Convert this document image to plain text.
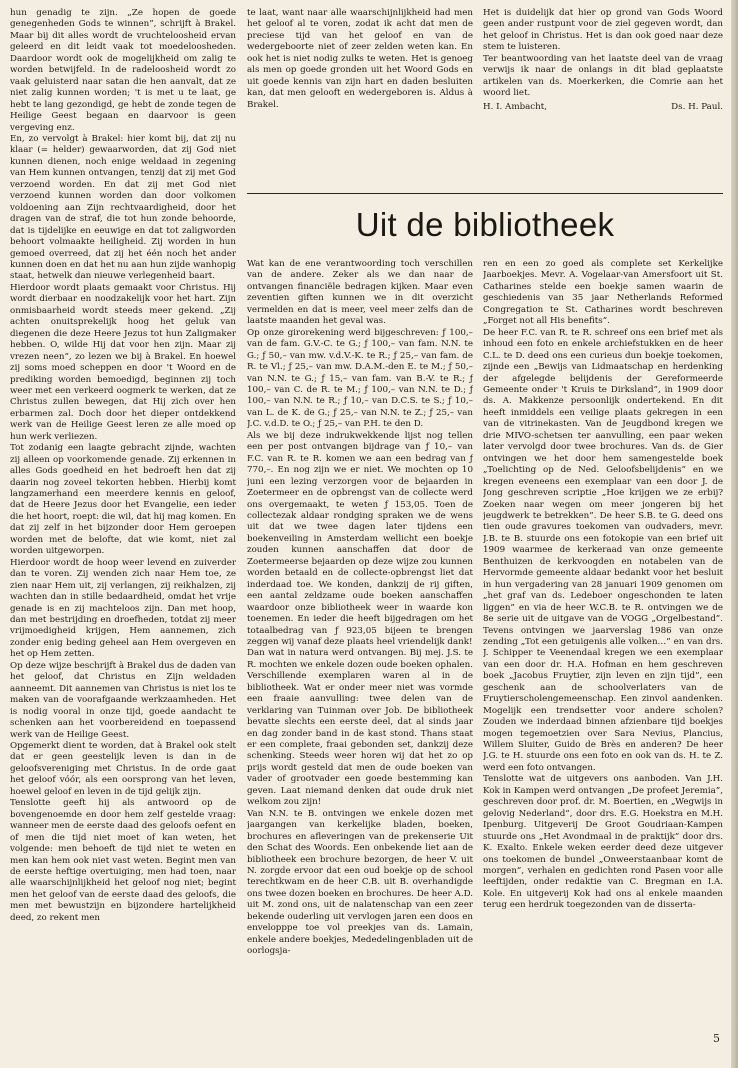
hun genadig te zijn. „Ze hopen de goede genegenheden Gods te winnen”, schrijft à Brakel. Maar bij dit alles wordt de vruchteloosheid ervan geleerd en dit leidt vaak tot moedeloosheden. Daardoor wordt ook de mogelijkheid om zalig te worden betwijfeld. In de radeloosheid wordt zo vaak geluisterd naar satan die hen aanvalt, dat ze niet zalig kunnen worden; 't is met u te laat, ge hebt te lang gezondigd, ge hebt de zonde tegen de Heilige Geest begaan en daarvoor is geen vergeving enz.

En, zo vervolgt à Brakel: hier komt bij, dat zij nu klaar (= helder) gewaarworden, dat zij God niet kunnen dienen, noch enige weldaad in zegening van Hem kunnen ontvangen, tenzij dat zij met God verzoend worden. En dat zij met God niet verzoend kunnen worden dan door volkomen voldoening aan Zijn rechtvaardigheid, door het dragen van de straf, die tot hun zonde behoorde, dat is tijdelijke en eeuwige en dat tot zaligworden behoort volmaakte heiligheid. Zij worden in hun gemoed overreed, dat zij het één noch het ander kunnen doen en dat het nu aan hun zijde wanhopig staat, hetwelk dan nieuwe verlegenheid baart.

Hierdoor wordt plaats gemaakt voor Christus. Hij wordt dierbaar en noodzakelijk voor het hart. Zijn onmisbaarheid wordt steeds meer gekend. „Zij achten onuitsprekelijk hoog het geluk van diegenen die deze Heere Jezus tot hun Zaligmaker hebben. O, wilde Hij dat voor hen zijn. Maar zij vrezen neen”, zo lezen we bij à Brakel. En hoewel zij soms moed scheppen en door 't Woord en de prediking worden bemoedigd, beginnen zij toch weer met een verkeerd oogmerk te werken, dat ze Christus zullen bewegen, dat Hij zich over hen erbarmen zal. Doch door het dieper ontdekkend werk van de Heilige Geest leren ze alle moed op hun werk verliezen.

Tot zodanig een laagte gebracht zijnde, wachten zij alleen op voorkomende genade. Zij erkennen in alles Gods goedheid en het bedroeft hen dat zij daarin nog zoveel tekorten hebben. Hierbij komt langzamerhand een meerdere kennis en geloof, dat de Heere Jezus door het Evangelie, een ieder die het hoort, roept: die wil, dat hij mag komen. En dat zij zelf in het bijzonder door Hem geroepen worden met de belofte, dat wie komt, niet zal worden uitgeworpen.

Hierdoor wordt de hoop weer levend en zuiverder dan te voren. Zij wenden zich naar Hem toe, ze zien naar Hem uit, zij verlangen, zij reikhalzen, zij wachten dan in stille bedaardheid, omdat het vrije genade is en zij machteloos zijn. Dan met hoop, dan met bestrijding en droefheden, totdat zij meer vrijmoedigheid krijgen, Hem aannemen, zich zonder enig beding geheel aan Hem overgeven en het op Hem zetten.

Op deze wijze beschrijft à Brakel dus de daden van het geloof, dat Christus en Zijn weldaden aanneemt. Dit aannemen van Christus is niet los te maken van de voorafgaande werkzaamheden. Het is nodig vooral in onze tijd, goede aandacht te schenken aan het voorbereidend en toepassend werk van de Heilige Geest.

Opgemerkt dient te worden, dat à Brakel ook stelt dat er geen geestelijk leven is dan in de geloofsvereniging met Christus. In de orde gaat het geloof vóór, als een oorsprong van het leven, hoewel geloof en leven in de tijd gelijk zijn.

Tenslotte geeft hij als antwoord op de bovengenoemde en door hem zelf gestelde vraag: wanneer men de eerste daad des geloofs oefent en of men die tijd niet moet of kan weten, het volgende: men behoeft de tijd niet te weten en men kan hem ook niet vast weten. Begint men van de eerste heftige overtuiging, men had toen, naar alle waarschijnlijkheid het geloof nog niet; begint men het geloof van de eerste daad des geloofs, die men met bewustzijn en bijzondere hartelijkheid deed, zo rekent men

te laat, want naar alle waarschijnlijkheid had men het geloof al te voren, zodat ik acht dat men de preciese tijd van het geloof en van de wedergeboorte niet of zeer zelden weten kan. En ook het is niet nodig zulks te weten. Het is genoeg als men op goede gronden uit het Woord Gods en uit goede kennis van zijn hart en daden besluiten kan, dat men gelooft en wedergeboren is. Aldus à Brakel.

Het is duidelijk dat hier op grond van Gods Woord geen ander rustpunt voor de ziel gegeven wordt, dan het geloof in Christus. Het is dan ook goed naar deze stem te luisteren.

Ter beantwoording van het laatste deel van de vraag verwijs ik naar de onlangs in dit blad geplaatste artikelen van ds. Moerkerken, die Comrie aan het woord liet.

H. I. Ambacht,	Ds. H. Paul.
Uit de bibliotheek

Wat kan de ene verantwoording toch verschillen van de andere. Zeker als we dan naar de ontvangen financiële bedragen kijken. Maar even zeventien giften kunnen we in dit overzicht vermelden en dat is meer, veel meer zelfs dan de laatste maanden het geval was.

Op onze girorekening werd bijgeschreven: ƒ 100,– van de fam. G.V.-C. te G.; ƒ 100,– van fam. N.N. te G.; ƒ 50,– van mw. v.d.V.-K. te R.; ƒ 25,– van fam. de R. te Vl.; ƒ 25,– van mw. D.A.M.-den E. te M.; ƒ 50,– van N.N. te G.; ƒ 15,– van fam. van B.-V. te R.; ƒ 100,– van C. de R. te M.; ƒ 100,– van N.N. te D.; ƒ 100,– van N.N. te R.; ƒ 10,– van D.C.S. te S.; ƒ 10,– van L. de K. de G.; ƒ 25,– van N.N. te Z.; ƒ 25,– van J.C. v.d.D. te O.; ƒ 25,– van P.H. te den D.

Als we bij deze indrukwekkende lijst nog tellen een per post ontvangen bijdrage van ƒ 10,– van F.C. van R. te R. komen we aan een bedrag van ƒ 770,–. En nog zijn we er niet. We mochten op 10 juni een lezing verzorgen voor de bejaarden in Zoetermeer en de opbrengst van de collecte werd ons overgemaakt, te weten ƒ 153,05. Toen de collectezak aldaar rondging spraken we de wens uit dat we twee dagen later tijdens een boekenveiling in Amsterdam wellicht een boekje zouden kunnen aanschaffen dat door de Zoetermeerse bejaarden op deze wijze zou kunnen worden betaald en de collecte-opbrengst liet dat inderdaad toe. We konden, dankzij de rij giften, een aantal zeldzame oude boeken aanschaffen waardoor onze bibliotheek weer in waarde kon toenemen. En ieder die heeft bijgedragen om het totaalbedrag van ƒ 923,05 bijeen te brengen zeggen wij vanaf deze plaats heel vriendelijk dank!

Dan wat in natura werd ontvangen. Bij mej. J.S. te R. mochten we enkele dozen oude boeken ophalen. Verschillende exemplaren waren al in de bibliotheek. Wat er onder meer niet was vormde een fraaie aanvulling: twee delen van de verklaring van Tuinman over Job. De bibliotheek bevatte slechts een eerste deel, dat al sinds jaar en dag zonder band in de kast stond. Thans staat er een complete, fraai gebonden set, dankzij deze schenking. Steeds weer horen wij dat het zo op prijs wordt gesteld dat men de oude boeken van vader of grootvader een goede bestemming kan geven. Laat niemand denken dat oude druk niet welkom zou zijn!

Van N.N. te B. ontvingen we enkele dozen met jaargangen van kerkelijke bladen, boeken, brochures en afleveringen van de prekenserie Uit den Schat des Woords. Een onbekende liet aan de bibliotheek een brochure bezorgen, de heer V. uit N. zorgde ervoor dat een oud boekje op de school terechtkwam en de heer C.B. uit B. overhandigde ons twee dozen boeken en brochures. De heer A.D. uit M. zond ons, uit de nalatenschap van een zeer bekende ouderling uit vervlogen jaren een doos en envelopppe toe vol preekjes van ds. Lamain, enkele andere boekjes, Mededelingenbladen uit de oorlogsja-

ren en een zo goed als complete set Kerkelijke Jaarboekjes. Mevr. A. Vogelaar-van Amersfoort uit St. Catharines stelde een boekje samen waarin de geschiedenis van 35 jaar Netherlands Reformed Congregation te St. Catharines wordt beschreven „Forget not all His benefits”.

De heer F.C. van R. te R. schreef ons een brief met als inhoud een foto en enkele archiefstukken en de heer C.L. te D. deed ons een curieus dun boekje toekomen, zijnde een „Bewijs van Lidmaatschap en herdenking der afgelegde belijdenis der Gereformeerde Gemeente onder 't Kruis te Dirksland”, in 1909 door ds. A. Makkenze persoonlijk ondertekend. En dit heeft inmiddels een veilige plaats gekregen in een van de vitrinekasten. Van de Jeugdbond kregen we drie MIVO-schetsen ter aanvulling, een paar weken later vervolgd door twee brochures. Van ds. de Gier ontvingen we het door hem samengestelde boek „Toelichting op de Ned. Geloofsbelijdenis” en we kregen eveneens een exemplaar van een door J. de Jong geschreven scriptie „Hoe krijgen we ze erbij? Zoeken naar wegen om meer jongeren bij het jeugdwerk te betrekken”. De heer S.B. te G. deed ons tien oude gravures toekomen van oudvaders, mevr. J.B. te B. stuurde ons een fotokopie van een brief uit 1909 waarmee de kerkeraad van onze gemeente Benthuizen de kerkvoogden en notabelen van de Hervormde gemeente aldaar bedankt voor het besluit in hun vergadering van 28 januari 1909 genomen om „het graf van ds. Ledeboer ongeschonden te laten liggen” en via de heer W.C.B. te R. ontvingen we de 8e serie uit de uitgave van de VOGG „Orgelbestand”. Tevens ontvingen we jaarverslag 1986 van onze zending „Tot een getuigenis alle volken…” en van drs. J. Schipper te Veenendaal kregen we een exemplaar van een door dr. H.A. Hofman en hem geschreven boek „Jacobus Fruytier, zijn leven en zijn tijd”, een geschenk aan de schoolverlaters van de Fruytierscholengemeenschap. Een zinvol aandenken. Mogelijk een trendsetter voor andere scholen? Zouden we inderdaad binnen afzienbare tijd boekjes mogen tegemoetzien over Sara Nevius, Plancius, Willem Sluiter, Guido de Brès en anderen? De heer J.G. te H. stuurde ons een foto en ook van ds. H. te Z. werd een foto ontvangen.

Tenslotte wat de uitgevers ons aanboden. Van J.H. Kok in Kampen werd ontvangen „De profeet Jeremia”, geschreven door prof. dr. M. Boertien, en „Wegwijs in gelovig Nederland”, door drs. E.G. Hoekstra en M.H. Ipenburg. Uitgeverij De Groot Goudriaan-Kampen stuurde ons „Het Avondmaal in de praktijk” door drs. K. Exalto. Enkele weken eerder deed deze uitgever ons toekomen de bundel „Onweerstaanbaar komt de morgen”, verhalen en gedichten rond Pasen voor alle leeftijden, onder redaktie van C. Bregman en I.A. Kole. En uitgeverij Kok had ons al enkele maanden terug een herdruk toegezonden van de disserta-

5
